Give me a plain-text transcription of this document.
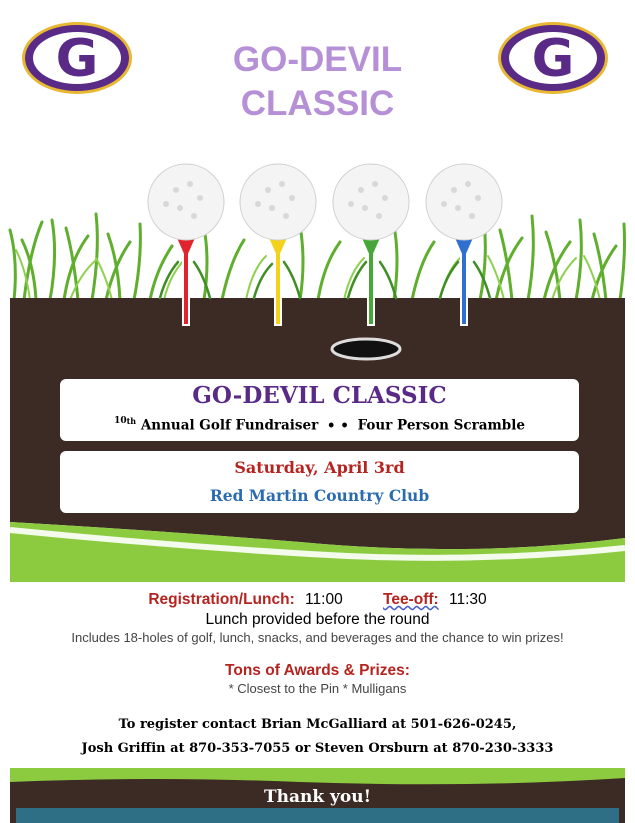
G	G
GO-DEVIL
CLASSIC
GO-DEVIL CLASSIC
$^{10th}$ Annual Golf Fundraiser • • Four Person Scramble
Saturday, April 3rd
Red Martin Country Club
Registration/Lunch: 11:00	Tee-off: 11:30
Lunch provided before the round
Includes 18-holes of golf, lunch, snacks, and beverages and the chance to win prizes!
Tons of Awards & Prizes:
* Closest to the Pin * Mulligans
To register contact Brian McGalliard at 501-626-0245,
Josh Griffin at 870-353-7055 or Steven Orsburn at 870-230-3333
Thank you!
